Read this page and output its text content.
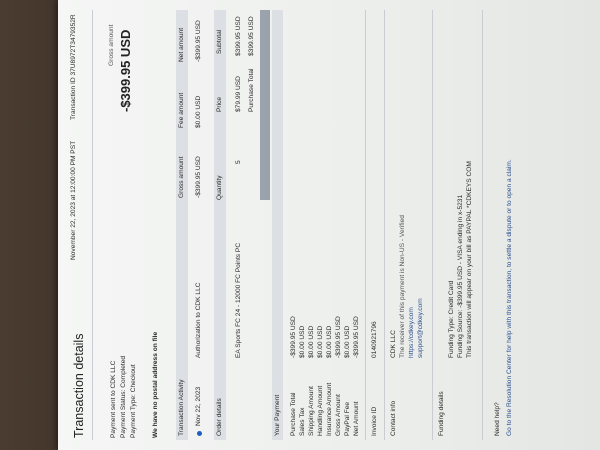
Transaction details
November 22, 2023 at 12:00:00 PM PST
Transaction ID 37U8972T3479352R
Payment sent to CDK LLC Payment Status: Completed Payment Type: Checkout
Gross amount -$399.95 USD
We have no postal address on file	Transaction Activity
Gross amount
Fee amount
Net amount
Nov 22, 2023
Authorization to CDK LLC
-$399.95 USD
$0.00 USD
-$399.95 USD
Order details
Quantity
Price
Subtotal
EA Sports FC 24 - 12000 FC Points PC
5
$79.99 USD
$399.95 USD
Purchase Total
$399.95 USD
Your Payment Purchase Total
-$399.95 USD
Sales Tax
$0.00 USD
Shipping Amount
$0.00 USD
Handling Amount
$0.00 USD
Insurance Amount
$0.00 USD
Gross Amount
-$399.95 USD
PayPal Fee
$0.00 USD
Net Amount
-$399.95 USD
Invoice ID
0140921796
Contact info
CDK LLC The receiver of this payment is Non-US - Verified https://cdkey.com support@cdkey.com
Funding details
Funding Type: Credit Card Funding Source: -$399.95 USD - VISA ending in x-5231 This transaction will appear on your bill as PAYPAL *CDKEYS COM
Need help? Go to the Resolution Center for help with this transaction, to settle a dispute or to open a claim.
